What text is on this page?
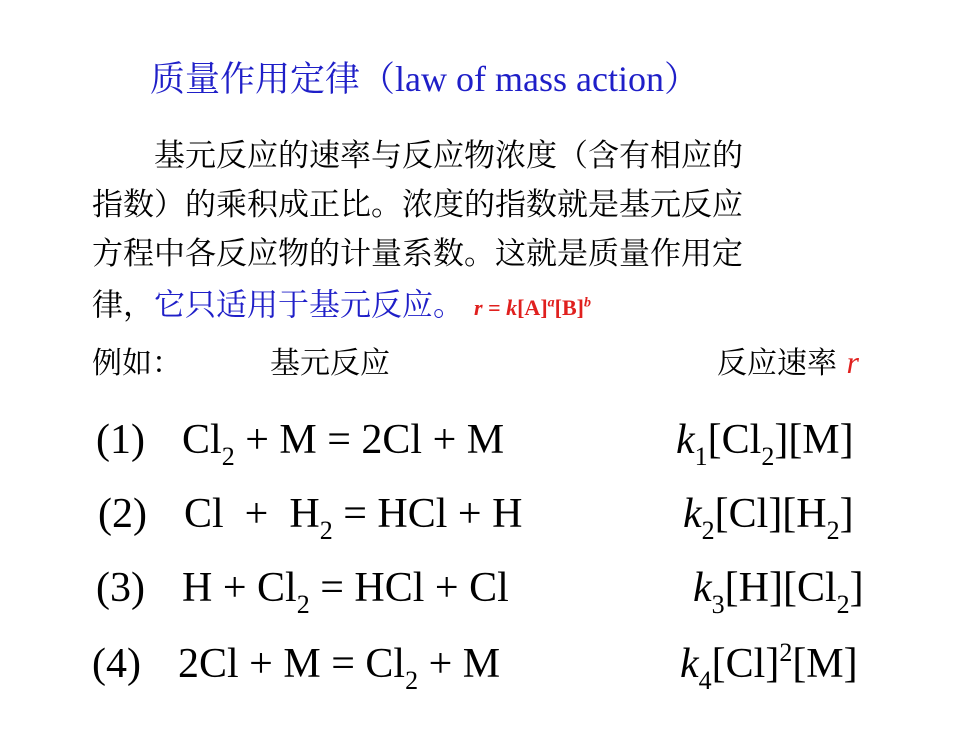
质量作用定律（law of mass action）
基元反应的速率与反应物浓度（含有相应的
指数）的乘积成正比。浓度的指数就是基元反应
方程中各反应物的计量系数。这就是质量作用定
律，它只适用于基元反应。 $r = k[A]^a[B]^b$
例如：	基元反应	反应速率 r
(1) $Cl_2 + M = 2Cl + M$	$k_1[Cl_2][M]$
(2) $Cl + H_2$ = HCl + H	$k_2[Cl][H_2]$
(3) $H + Cl_2$ = HCl + Cl	$k_3[H][Cl_2]$
(4) $2Cl + M = Cl_2 + M$	$k_4[Cl]^2[M]$
